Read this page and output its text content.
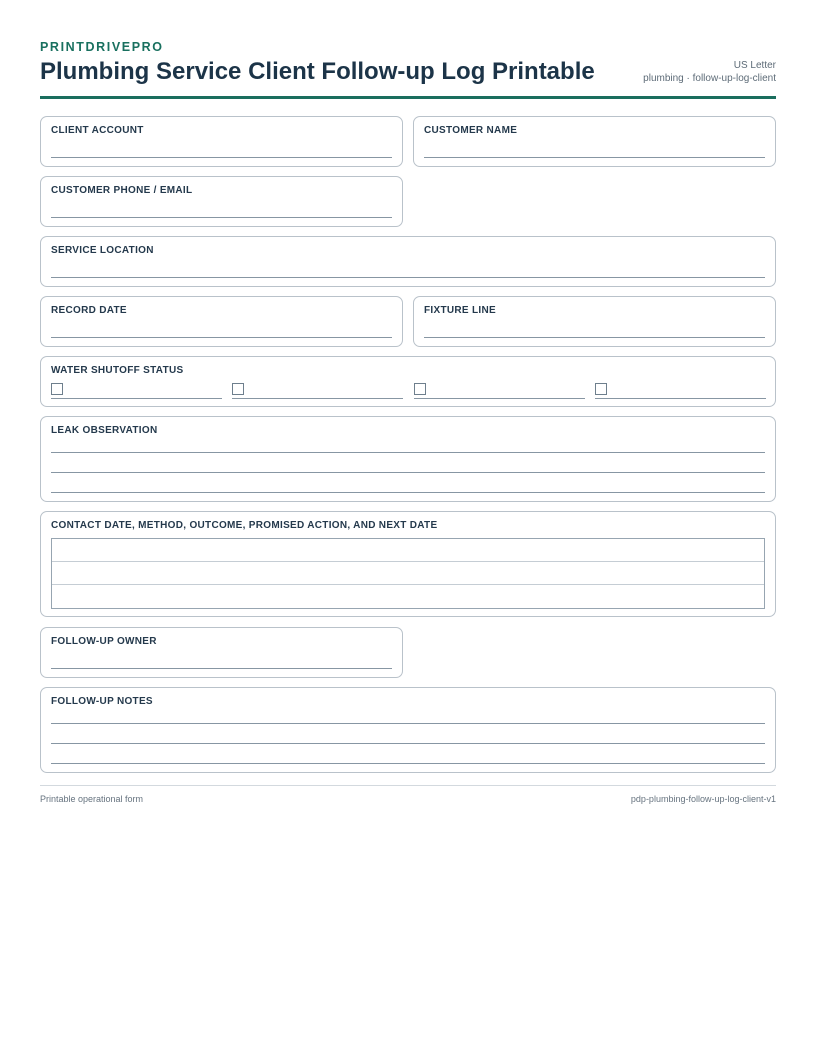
PRINTDRIVEPRO
Plumbing Service Client Follow-up Log Printable	US Letter
plumbing · follow-up-log-client
CLIENT ACCOUNT	CUSTOMER NAME
CUSTOMER PHONE / EMAIL
SERVICE LOCATION
RECORD DATE	FIXTURE LINE
WATER SHUTOFF STATUS
LEAK OBSERVATION
CONTACT DATE, METHOD, OUTCOME, PROMISED ACTION, AND NEXT DATE
FOLLOW-UP OWNER
FOLLOW-UP NOTES
Printable operational form	pdp-plumbing-follow-up-log-client-v1
